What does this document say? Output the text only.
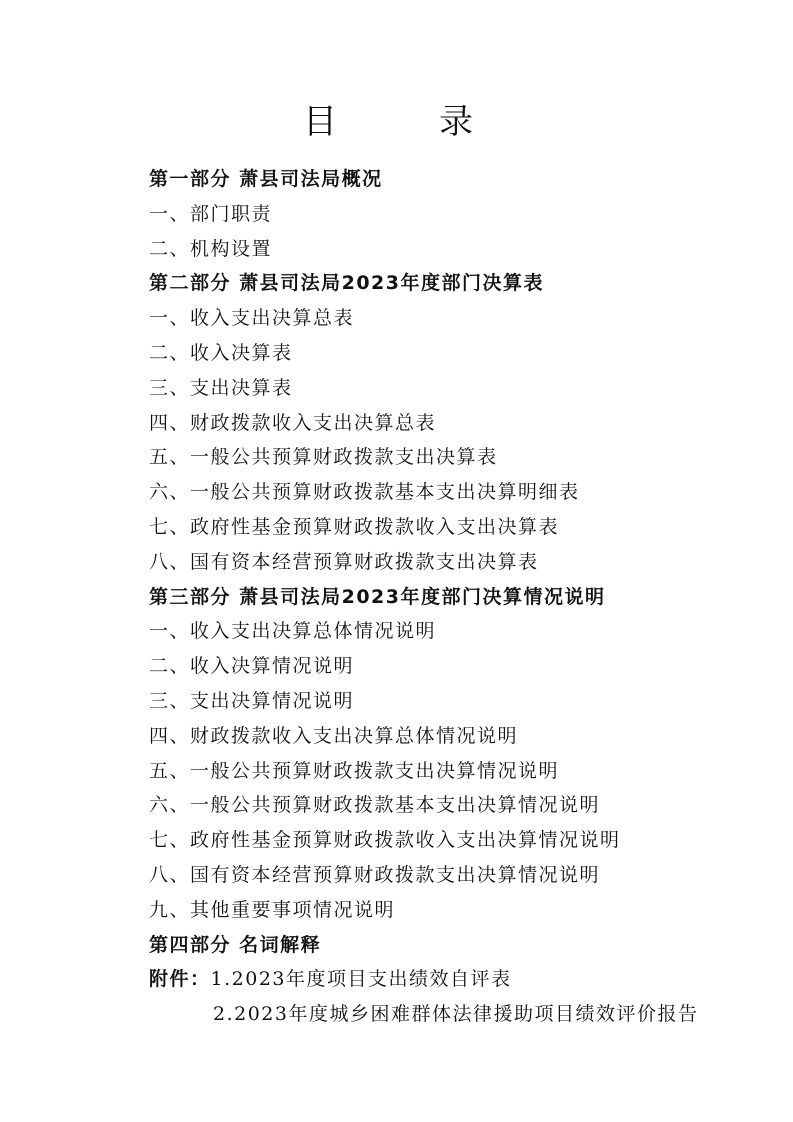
目　录
第一部分 萧县司法局概况
一、部门职责
二、机构设置
第二部分 萧县司法局2023年度部门决算表
一、收入支出决算总表
二、收入决算表
三、支出决算表
四、财政拨款收入支出决算总表
五、一般公共预算财政拨款支出决算表
六、一般公共预算财政拨款基本支出决算明细表
七、政府性基金预算财政拨款收入支出决算表
八、国有资本经营预算财政拨款支出决算表
第三部分 萧县司法局2023年度部门决算情况说明
一、收入支出决算总体情况说明
二、收入决算情况说明
三、支出决算情况说明
四、财政拨款收入支出决算总体情况说明
五、一般公共预算财政拨款支出决算情况说明
六、一般公共预算财政拨款基本支出决算情况说明
七、政府性基金预算财政拨款收入支出决算情况说明
八、国有资本经营预算财政拨款支出决算情况说明
九、其他重要事项情况说明
第四部分 名词解释
附件：1.2023年度项目支出绩效自评表
2.2023年度城乡困难群体法律援助项目绩效评价报告
